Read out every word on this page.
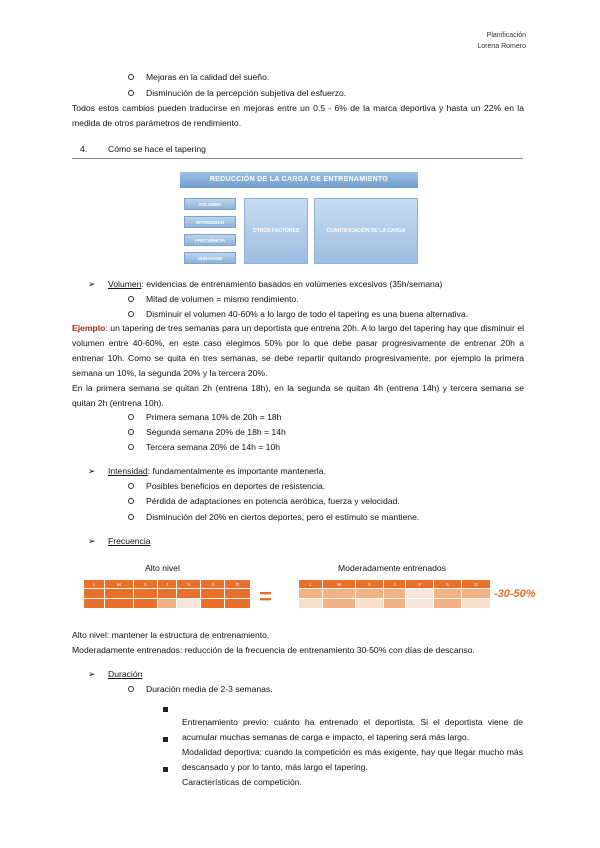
Planificación
Lorena Romero
Mejoras en la calidad del sueño.
Disminución de la percepción subjetiva del esfuerzo.
Todos estos cambios pueden traducirse en mejoras entre un 0.5 - 6% de la marca deportiva y hasta un 22% en la medida de otros parámetros de rendimiento.
4. Cómo se hace el tapering
REDUCCIÓN DE LA CARGA DE ENTRENAMIENTO
VOLUMEN
INTENSIDAD
FRECUENCIA
DURACIÓN
OTROS FACTORES	CUANTIFICACIÓN DE LA CARGA
➢ Volumen: evidencias de entrenamiento basados en volúmenes excesivos (35h/semana)
Mitad de volumen = mismo rendimiento.
Disminuir el volumen 40-60% a lo largo de todo el tapering es una buena alternativa.
Ejemplo: un tapering de tres semanas para un deportista que entrena 20h. A lo largo del tapering hay que disminuir el volumen entre 40-60%, en este caso elegimos 50% por lo que debe pasar progresivamente de entrenar 20h a entrenar 10h. Como se quita en tres semanas, se debe repartir quitando progresivamente, por ejemplo la primera semana un 10%, la segunda 20% y la tercera 20%.
En la primera semana se quitan 2h (entrena 18h), en la segunda se quitan 4h (entrena 14h) y tercera semana se quitan 2h (entrena 10h).
Primera semana 10% de 20h = 18h
Segunda semana 20% de 18h = 14h
Tercera semana 20% de 14h = 10h
➢ Intensidad: fundamentalmente es importante mantenerla.
Posibles beneficios en deportes de resistencia.
Pérdida de adaptaciones en potencia aeróbica, fuerza y velocidad.
Disminución del 20% en ciertos deportes, pero el estímulo se mantiene.
➢ Frecuencia
Alto nivel	Moderadamente entrenados
L	M	X	J	V	S	D

						=	L	M	X	J	V	S	D

-30-50%
Alto nivel: mantener la estructura de entrenamiento.
Moderadamente entrenados: reducción de la frecuencia de entrenamiento 30-50% con días de descanso.
➢ Duración
Duración media de 2-3 semanas.
Entrenamiento previo: cuánto ha entrenado el deportista. Si el deportista viene de acumular muchas semanas de carga e impacto, el tapering será más largo.
Modalidad deportiva: cuando la competición es más exigente, hay que llegar mucho más descansado y por lo tanto, más largo el tapering.
Características de competición.
